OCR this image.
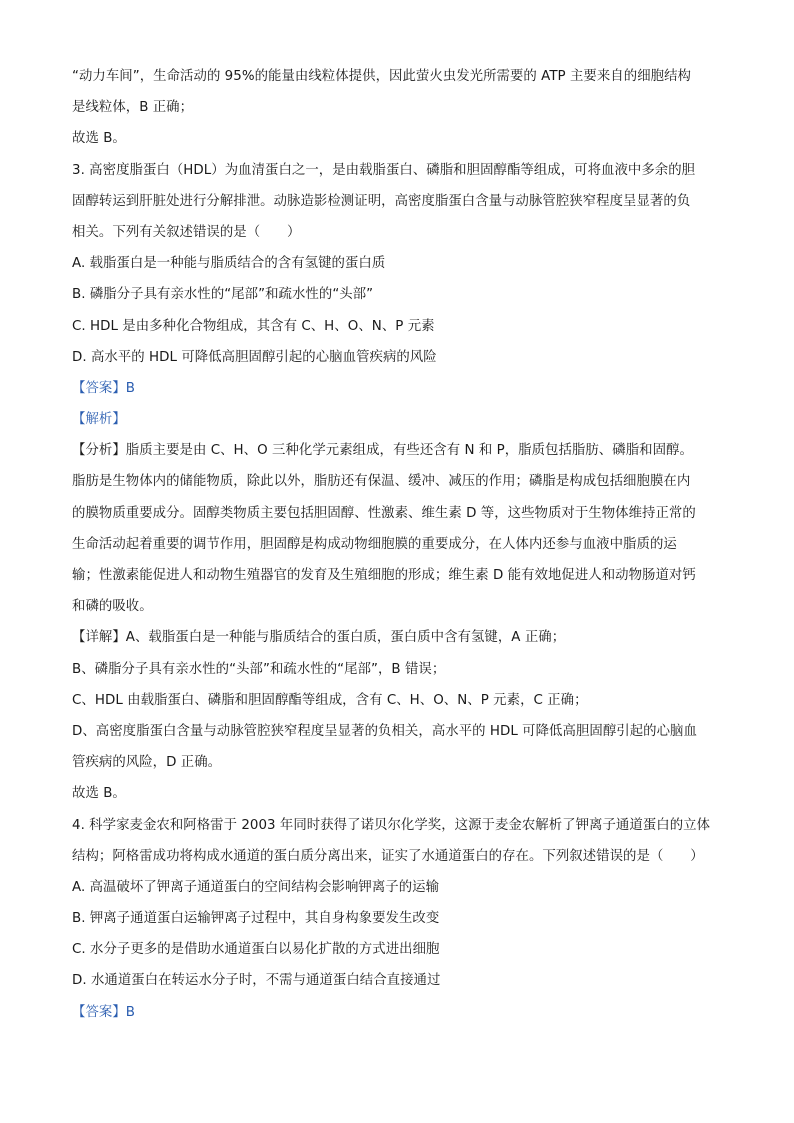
“动力车间”，生命活动的 95%的能量由线粒体提供，因此萤火虫发光所需要的 ATP 主要来自的细胞结构
是线粒体，B 正确；
故选 B。
3. 高密度脂蛋白（HDL）为血清蛋白之一，是由载脂蛋白、磷脂和胆固醇酯等组成，可将血液中多余的胆
固醇转运到肝脏处进行分解排泄。动脉造影检测证明，高密度脂蛋白含量与动脉管腔狭窄程度呈显著的负
相关。下列有关叙述错误的是（　　）
A. 载脂蛋白是一种能与脂质结合的含有氢键的蛋白质
B. 磷脂分子具有亲水性的“尾部”和疏水性的“头部”
C. HDL 是由多种化合物组成，其含有 C、H、O、N、P 元素
D. 高水平的 HDL 可降低高胆固醇引起的心脑血管疾病的风险
【答案】B
【解析】
【分析】脂质主要是由 C、H、O 三种化学元素组成，有些还含有 N 和 P，脂质包括脂肪、磷脂和固醇。
脂肪是生物体内的储能物质，除此以外，脂肪还有保温、缓冲、减压的作用；磷脂是构成包括细胞膜在内
的膜物质重要成分。固醇类物质主要包括胆固醇、性激素、维生素 D 等，这些物质对于生物体维持正常的
生命活动起着重要的调节作用，胆固醇是构成动物细胞膜的重要成分，在人体内还参与血液中脂质的运
输；性激素能促进人和动物生殖器官的发育及生殖细胞的形成；维生素 D 能有效地促进人和动物肠道对钙
和磷的吸收。
【详解】A、载脂蛋白是一种能与脂质结合的蛋白质，蛋白质中含有氢键，A 正确；
B、磷脂分子具有亲水性的“头部”和疏水性的“尾部”，B 错误；
C、HDL 由载脂蛋白、磷脂和胆固醇酯等组成，含有 C、H、O、N、P 元素，C 正确；
D、高密度脂蛋白含量与动脉管腔狭窄程度呈显著的负相关，高水平的 HDL 可降低高胆固醇引起的心脑血
管疾病的风险，D 正确。
故选 B。
4. 科学家麦金农和阿格雷于 2003 年同时获得了诺贝尔化学奖，这源于麦金农解析了钾离子通道蛋白的立体
结构；阿格雷成功将构成水通道的蛋白质分离出来，证实了水通道蛋白的存在。下列叙述错误的是（　　）
A. 高温破坏了钾离子通道蛋白的空间结构会影响钾离子的运输
B. 钾离子通道蛋白运输钾离子过程中，其自身构象要发生改变
C. 水分子更多的是借助水通道蛋白以易化扩散的方式进出细胞
D. 水通道蛋白在转运水分子时，不需与通道蛋白结合直接通过
【答案】B
